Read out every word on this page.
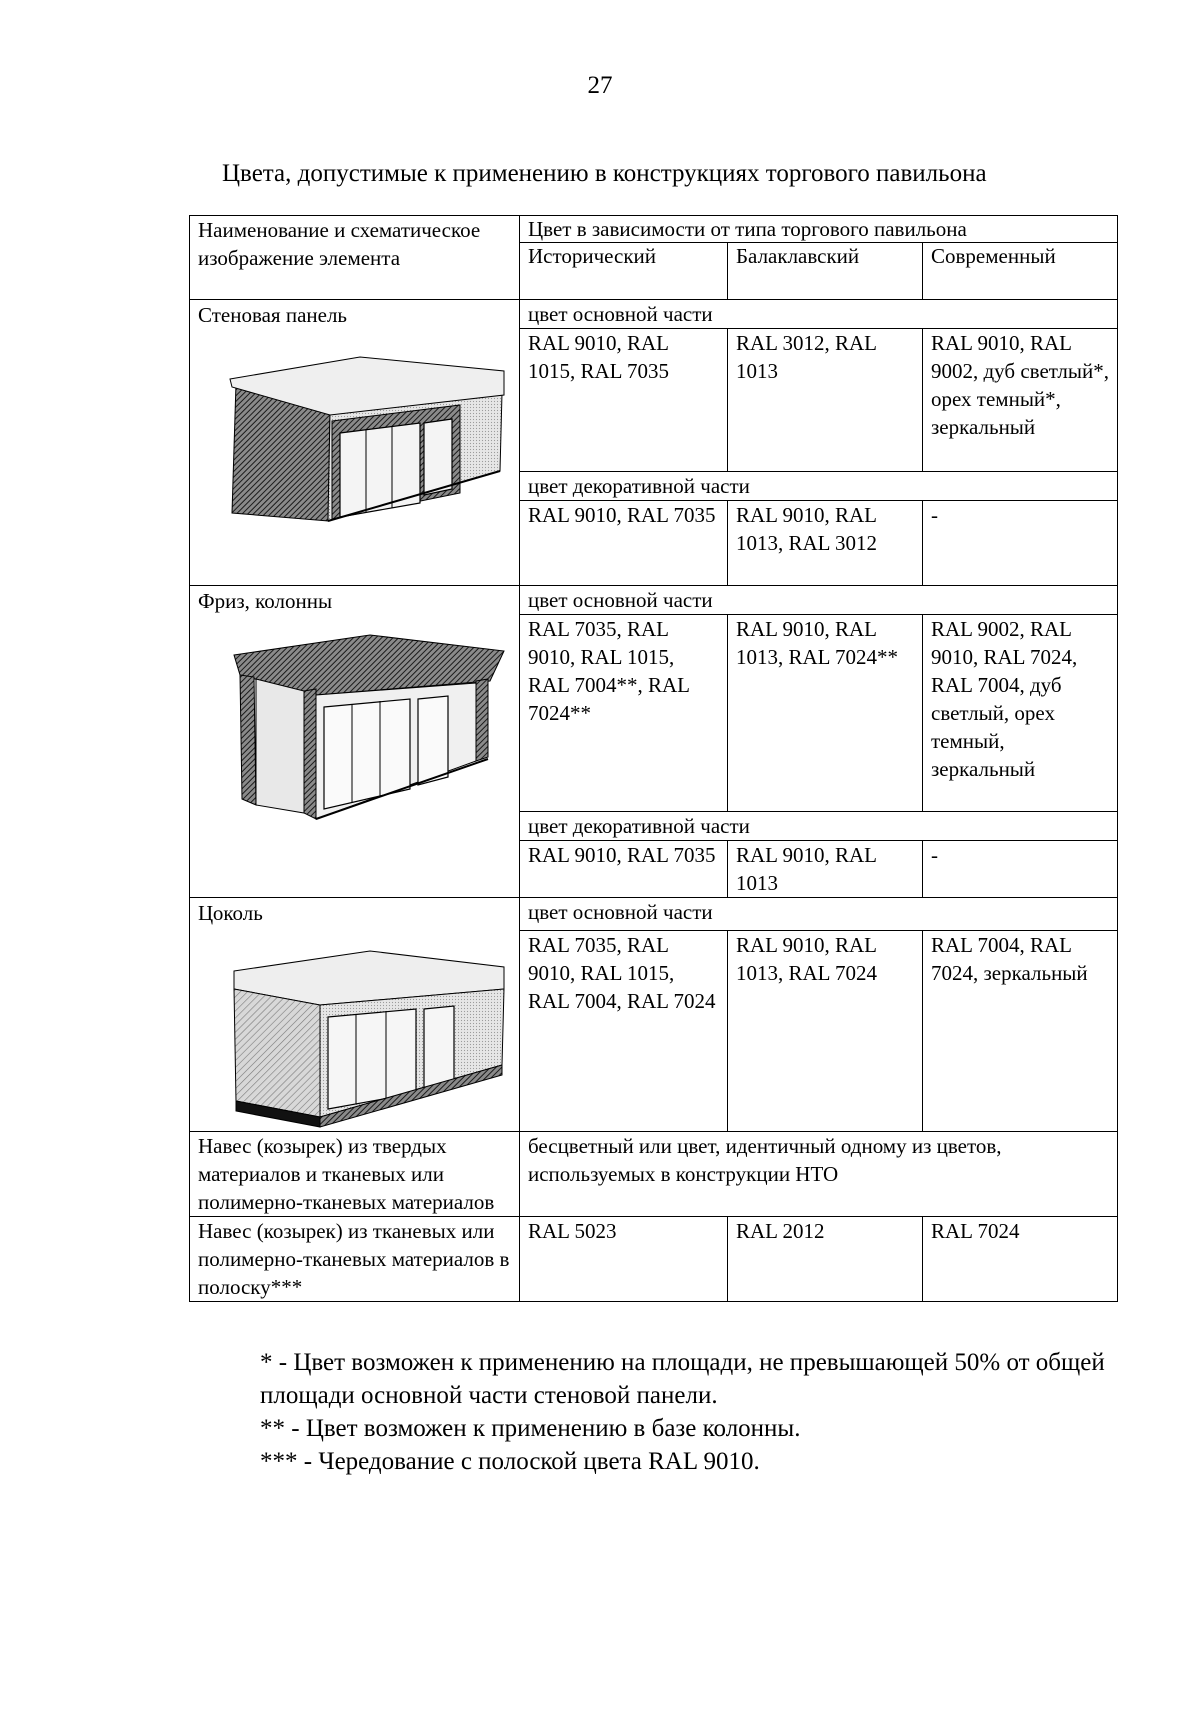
27
Цвета, допустимые к применению в конструкциях торгового павильона
Наименование и схематическое изображение элемента	Цвет в зависимости от типа торгового павильона		
	Исторический	Балаклавский	Современный

Стеновая панель	цвет основной части		
	RAL 9010, RAL 1015, RAL 7035	RAL 3012, RAL 1013	RAL 9010, RAL 9002, дуб светлый*, орех темный*, зеркальный
	цвет декоративной части		
	RAL 9010, RAL 7035	RAL 9010, RAL 1013, RAL 3012	-

Фриз, колонны	цвет основной части		
	RAL 7035, RAL 9010, RAL 1015, RAL 7004**, RAL 7024**	RAL 9010, RAL 1013, RAL 7024**	RAL 9002, RAL 9010, RAL 7024, RAL 7004, дуб светлый, орех темный, зеркальный
	цвет декоративной части		
	RAL 9010, RAL 7035	RAL 9010, RAL 1013	-

Цоколь	цвет основной части		
	RAL 7035, RAL 9010, RAL 1015, RAL 7004, RAL 7024	RAL 9010, RAL 1013, RAL 7024	RAL 7004, RAL 7024, зеркальный
Навес (козырек) из твердых материалов и тканевых или полимерно-тканевых материалов	бесцветный или цвет, идентичный одному из цветов, используемых в конструкции НТО		
Навес (козырек) из тканевых или полимерно-тканевых материалов в полоску***	RAL 5023	RAL 2012	RAL 7024

* - Цвет возможен к применению на площади, не превышающей 50% от общей площади основной части стеновой панели.

** - Цвет возможен к применению в базе колонны.

*** - Чередование с полоской цвета RAL 9010.
